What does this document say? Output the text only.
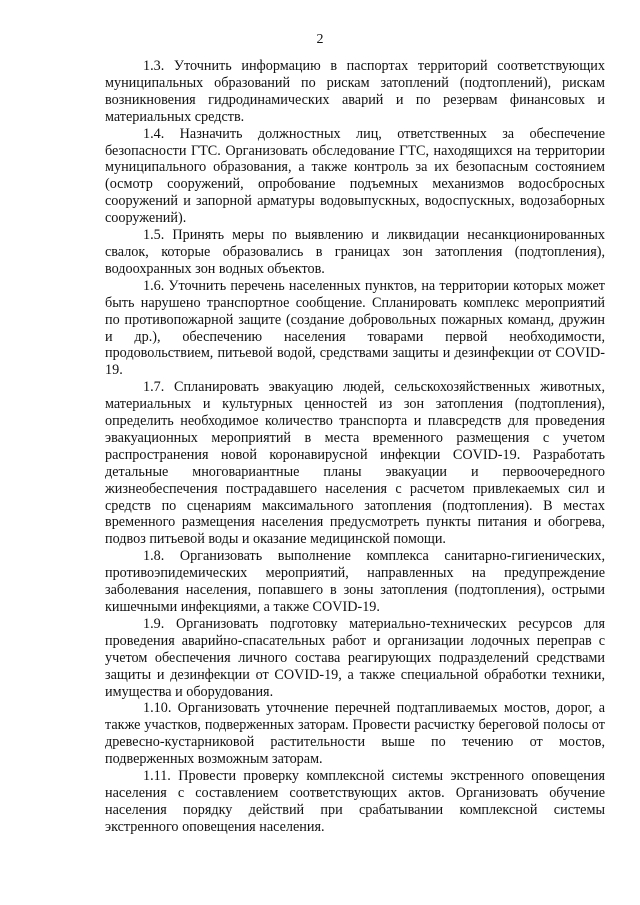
2

1.3. Уточнить информацию в паспортах территорий соответствующих муниципальных образований по рискам затоплений (подтоплений), рискам возникновения гидродинамических аварий и по резервам финансовых и материальных средств.

1.4. Назначить должностных лиц, ответственных за обеспечение безопасности ГТС. Организовать обследование ГТС, находящихся на территории муниципального образования, а также контроль за их безопасным состоянием (осмотр сооружений, опробование подъемных механизмов водосбросных сооружений и запорной арматуры водовыпускных, водоспускных, водозаборных сооружений).

1.5. Принять меры по выявлению и ликвидации несанкционированных свалок, которые образовались в границах зон затопления (подтопления), водоохранных зон водных объектов.

1.6. Уточнить перечень населенных пунктов, на территории которых может быть нарушено транспортное сообщение. Спланировать комплекс мероприятий по противопожарной защите (создание добровольных пожарных команд, дружин и др.), обеспечению населения товарами первой необходимости, продовольствием, питьевой водой, средствами защиты и дезинфекции от COVID-19.

1.7. Спланировать эвакуацию людей, сельскохозяйственных животных, материальных и культурных ценностей из зон затопления (подтопления), определить необходимое количество транспорта и плавсредств для проведения эвакуационных мероприятий в места временного размещения с учетом распространения новой коронавирусной инфекции COVID-19. Разработать детальные многовариантные планы эвакуации и первоочередного жизнеобеспечения пострадавшего населения с расчетом привлекаемых сил и средств по сценариям максимального затопления (подтопления). В местах временного размещения населения предусмотреть пункты питания и обогрева, подвоз питьевой воды и оказание медицинской помощи.

1.8. Организовать выполнение комплекса санитарно-гигиенических, противоэпидемических мероприятий, направленных на предупреждение заболевания населения, попавшего в зоны затопления (подтопления), острыми кишечными инфекциями, а также COVID-19.

1.9. Организовать подготовку материально-технических ресурсов для проведения аварийно-спасательных работ и организации лодочных переправ с учетом обеспечения личного состава реагирующих подразделений средствами защиты и дезинфекции от COVID-19, а также специальной обработки техники, имущества и оборудования.

1.10. Организовать уточнение перечней подтапливаемых мостов, дорог, а также участков, подверженных заторам. Провести расчистку береговой полосы от древесно-кустарниковой растительности выше по течению от мостов, подверженных возможным заторам.

1.11. Провести проверку комплексной системы экстренного оповещения населения с составлением соответствующих актов. Организовать обучение населения порядку действий при срабатывании комплексной системы экстренного оповещения населения.
